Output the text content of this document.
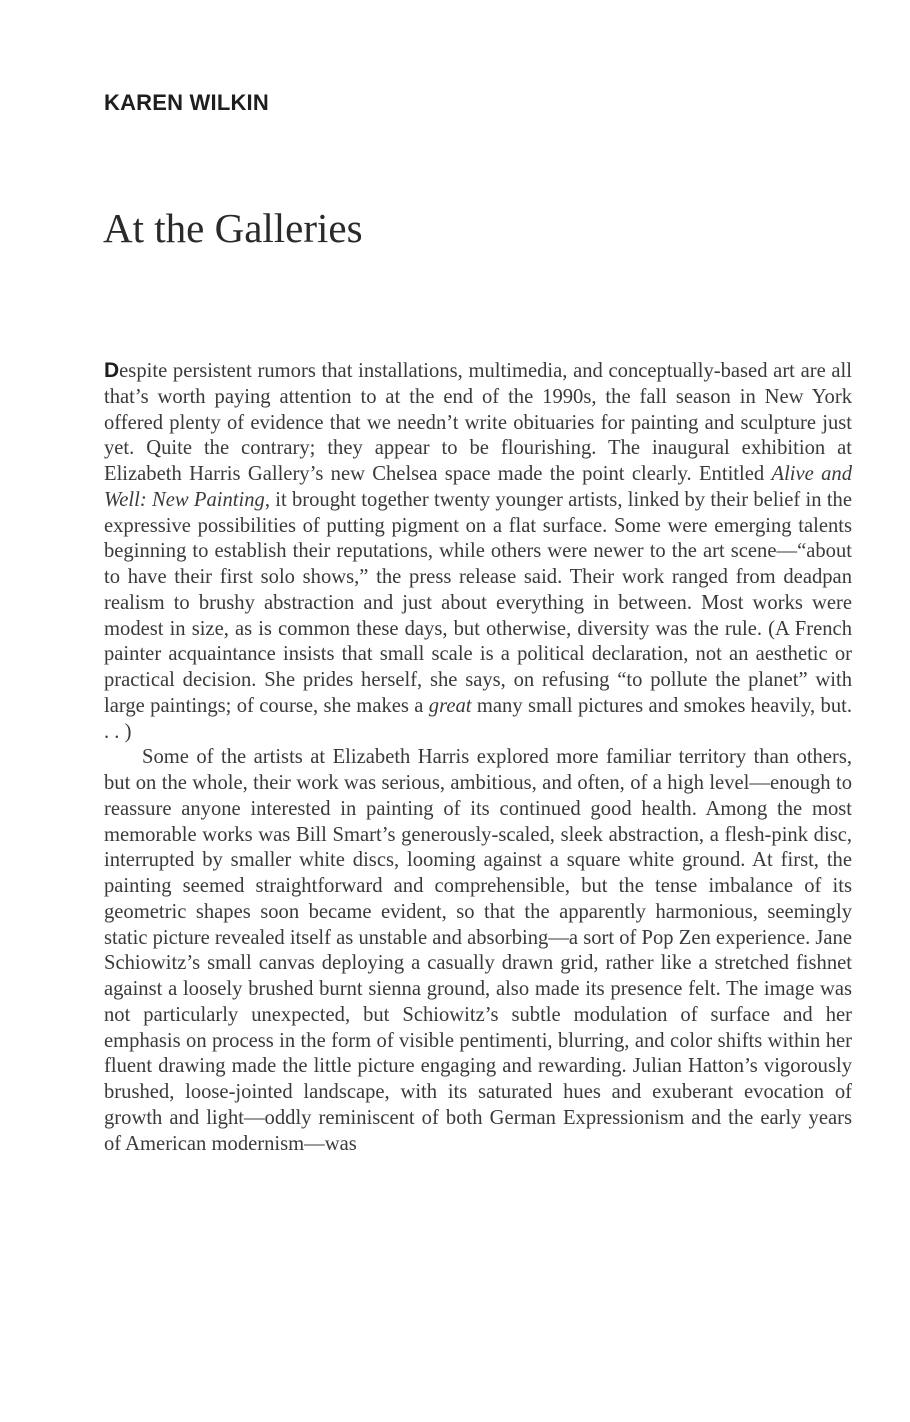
KAREN WILKIN
At the Galleries

Despite persistent rumors that installations, multimedia, and conceptually-based art are all that’s worth paying attention to at the end of the 1990s, the fall season in New York offered plenty of evidence that we needn’t write obituaries for painting and sculpture just yet. Quite the contrary; they appear to be flourishing. The inaugural exhibition at Elizabeth Harris Gallery’s new Chelsea space made the point clearly. Entitled Alive and Well: New Painting, it brought together twenty younger artists, linked by their belief in the expressive possibilities of putting pigment on a flat surface. Some were emerging talents beginning to establish their reputations, while others were newer to the art scene—“about to have their first solo shows,” the press release said. Their work ranged from deadpan realism to brushy abstraction and just about everything in between. Most works were modest in size, as is common these days, but otherwise, diversity was the rule. (A French painter acquaintance insists that small scale is a political declaration, not an aesthetic or practical decision. She prides herself, she says, on refusing “to pollute the planet” with large paintings; of course, she makes a great many small pictures and smokes heavily, but. . . )

Some of the artists at Elizabeth Harris explored more familiar territory than others, but on the whole, their work was serious, ambitious, and often, of a high level—enough to reassure anyone interested in painting of its continued good health. Among the most memorable works was Bill Smart’s generously-scaled, sleek abstraction, a flesh-pink disc, interrupted by smaller white discs, looming against a square white ground. At first, the painting seemed straightforward and comprehensible, but the tense imbalance of its geometric shapes soon became evident, so that the apparently harmonious, seemingly static picture revealed itself as unstable and absorbing—a sort of Pop Zen experience. Jane Schiowitz’s small canvas deploying a casually drawn grid, rather like a stretched fishnet against a loosely brushed burnt sienna ground, also made its presence felt. The image was not particularly unexpected, but Schiowitz’s subtle modulation of surface and her emphasis on process in the form of visible pentimenti, blurring, and color shifts within her fluent drawing made the little picture engaging and rewarding. Julian Hatton’s vigorously brushed, loose-jointed landscape, with its saturated hues and exuberant evocation of growth and light—oddly reminiscent of both German Expressionism and the early years of American modernism—was
